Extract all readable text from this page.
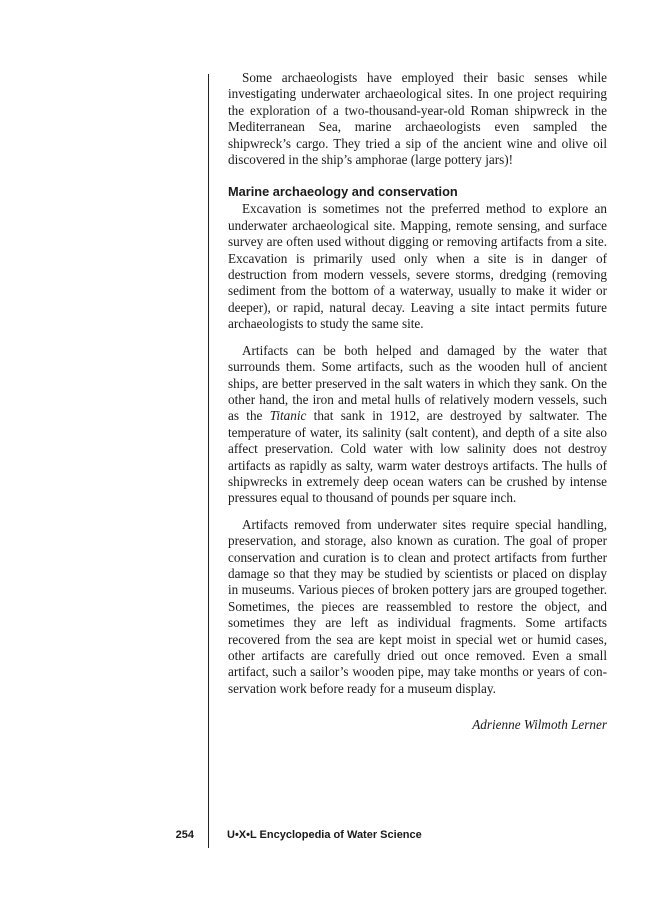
Some archaeologists have employed their basic senses while investigating underwater archaeological sites. In one project requiring the exploration of a two-thousand-year-old Roman shipwreck in the Mediterranean Sea, marine archaeologists even sampled the shipwreck’s cargo. They tried a sip of the ancient wine and olive oil discovered in the ship’s amphorae (large pottery jars)!

Marine archaeology and conservation

Excavation is sometimes not the preferred method to explore an underwater archaeological site. Mapping, remote sensing, and surface survey are often used without digging or removing artifacts from a site. Excavation is primarily used only when a site is in danger of destruction from modern vessels, severe storms, dredging (removing sediment from the bottom of a waterway, usually to make it wider or deeper), or rapid, natural decay. Leaving a site intact permits future archaeologists to study the same site.

Artifacts can be both helped and damaged by the water that surrounds them. Some artifacts, such as the wooden hull of ancient ships, are better preserved in the salt waters in which they sank. On the other hand, the iron and metal hulls of relatively modern vessels, such as the Titanic that sank in 1912, are destroyed by saltwater. The temperature of water, its salinity (salt content), and depth of a site also affect preservation. Cold water with low salinity does not destroy artifacts as rapidly as salty, warm water destroys artifacts. The hulls of shipwrecks in extremely deep ocean waters can be crushed by intense pressures equal to thousand of pounds per square inch.

Artifacts removed from underwater sites require special handling, preservation, and storage, also known as curation. The goal of proper conservation and curation is to clean and protect artifacts from further damage so that they may be studied by scientists or placed on display in museums. Various pieces of broken pottery jars are grouped together. Sometimes, the pieces are reassembled to restore the object, and sometimes they are left as individual fragments. Some artifacts recovered from the sea are kept moist in special wet or humid cases, other artifacts are carefully dried out once removed. Even a small artifact, such a sailor’s wooden pipe, may take months or years of conservation work before ready for a museum display.

Adrienne Wilmoth Lerner
254	U•X•L Encyclopedia of Water Science
